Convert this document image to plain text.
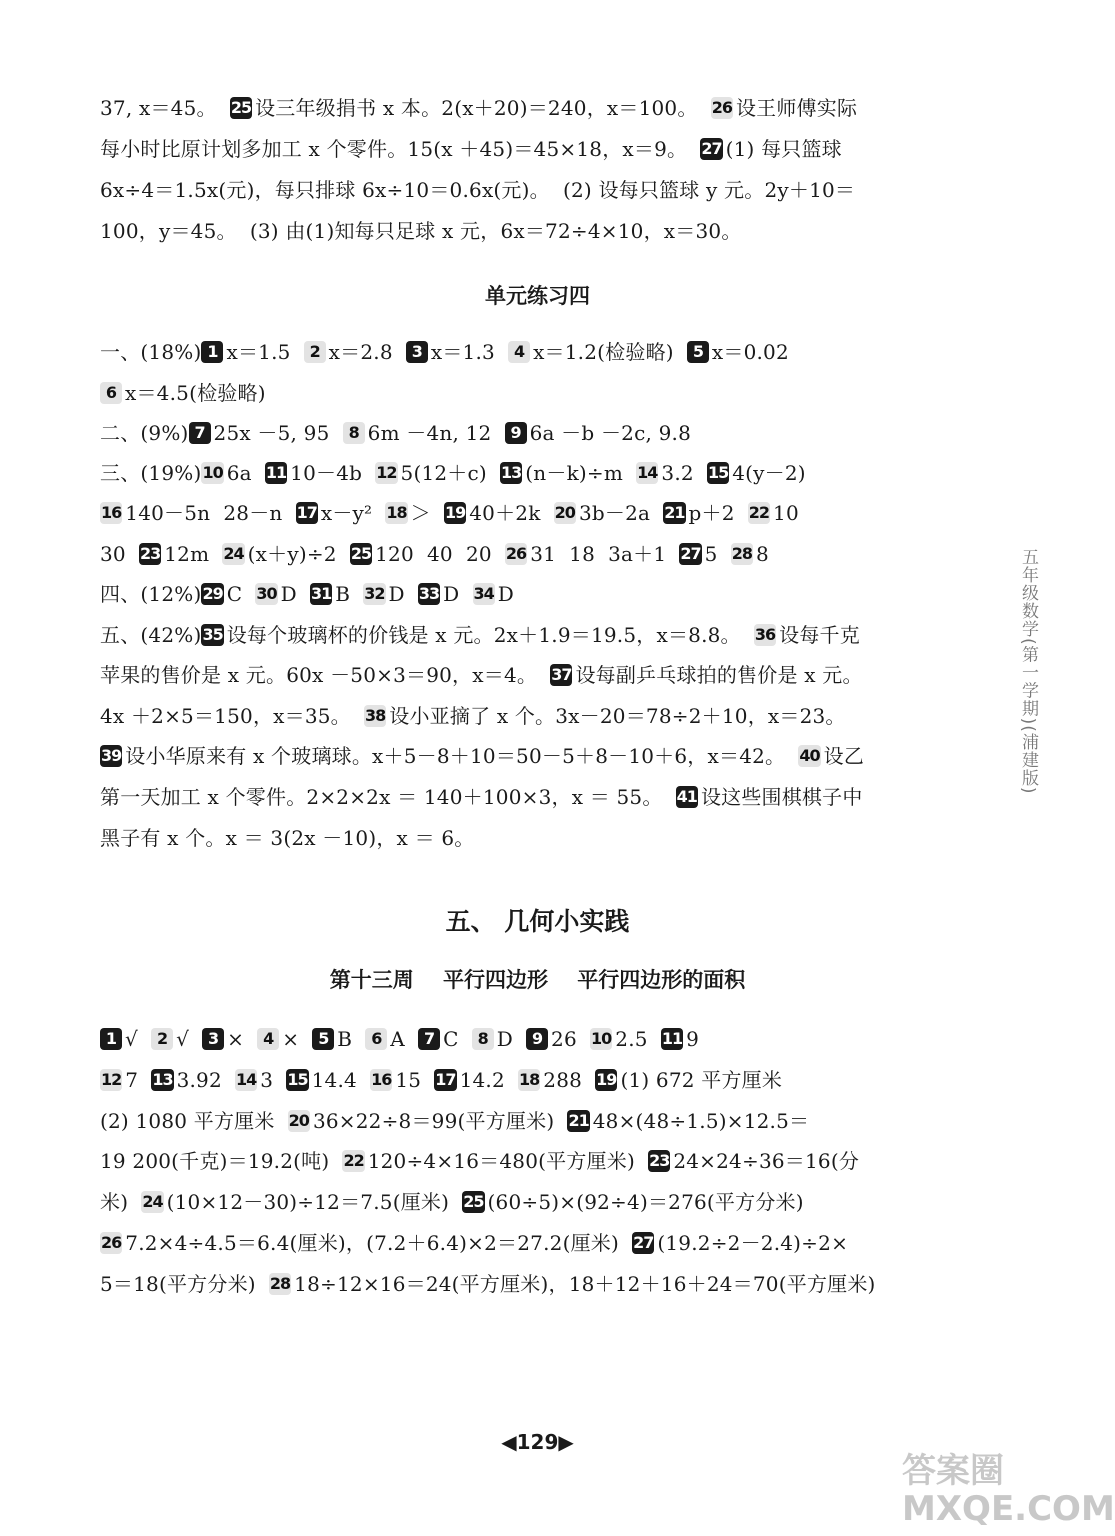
37, x＝45。  25 设三年级捐书 x 本。2(x＋20)＝240，x＝100。  26 设王师傅实际
每小时比原计划多加工 x 个零件。15(x ＋45)＝45×18，x＝9。  27 (1) 每只篮球
6x÷4＝1.5x(元)，每只排球 6x÷10＝0.6x(元)。  (2) 设每只篮球 y 元。2y＋10＝
100，y＝45。  (3) 由(1)知每只足球 x 元，6x＝72÷4×10，x＝30。
一、(18%) 1 x＝1.5  2 x＝2.8  3 x＝1.3  4 x＝1.2(检验略)  5 x＝0.02
6 x＝4.5(检验略)
二、(9%) 7 25x －5, 95  8 6m －4n, 12  9 6a －b －2c, 9.8
三、(19%)10 6a  11 10－4b  12 5(12＋c)  13 (n－k)÷m  14 3.2  15 4(y－2)
16 140－5n  28－n  17 x－y²  18 ＞  19 40＋2k  20 3b－2a  21 p＋2  22 10
30  23 12m  24 (x＋y)÷2  25 120  40  20  26 31  18  3a＋1  27 5  28 8
四、(12%)29 C  30 D  31 B  32 D  33 D  34 D
五、(42%)35 设每个玻璃杯的价钱是 x 元。2x＋1.9＝19.5，x＝8.8。  36 设每千克
苹果的售价是 x 元。60x －50×3＝90，x＝4。  37 设每副乒乓球拍的售价是 x 元。
4x ＋2×5＝150，x＝35。  38 设小亚摘了 x 个。3x－20＝78÷2＋10，x＝23。
39 设小华原来有 x 个玻璃球。x＋5－8＋10＝50－5＋8－10＋6，x＝42。  40 设乙
第一天加工 x 个零件。2×2×2x ＝ 140＋100×3，x ＝ 55。  41 设这些围棋棋子中
黑子有 x 个。x ＝ 3(2x －10)，x ＝ 6。
1 √  2 √  3 ×  4 ×  5 B  6 A  7 C  8 D  9 26  10 2.5  11 9
12 7  13 3.92  14 3  15 14.4  16 15  17 14.2  18 288  19 (1) 672 平方厘米
(2) 1080 平方厘米  20 36×22÷8＝99(平方厘米)  21 48×(48÷1.5)×12.5＝
19 200(千克)＝19.2(吨)  22 120÷4×16＝480(平方厘米)  23 24×24÷36＝16(分
米)  24 (10×12－30)÷12＝7.5(厘米)  25 (60÷5)×(92÷4)＝276(平方分米)
26 7.2×4÷4.5＝6.4(厘米)，(7.2＋6.4)×2＝27.2(厘米)  27 (19.2÷2－2.4)÷2×
5＝18(平方分米)  28 18÷12×16＝24(平方厘米)，18＋12＋16＋24＝70(平方厘米)
单元练习四
五、 几何小实践
第十三周    平行四边形    平行四边形的面积
五年级数学(第一学期)(浦建版)
◀129▶
答案圈 MXQE.COM
